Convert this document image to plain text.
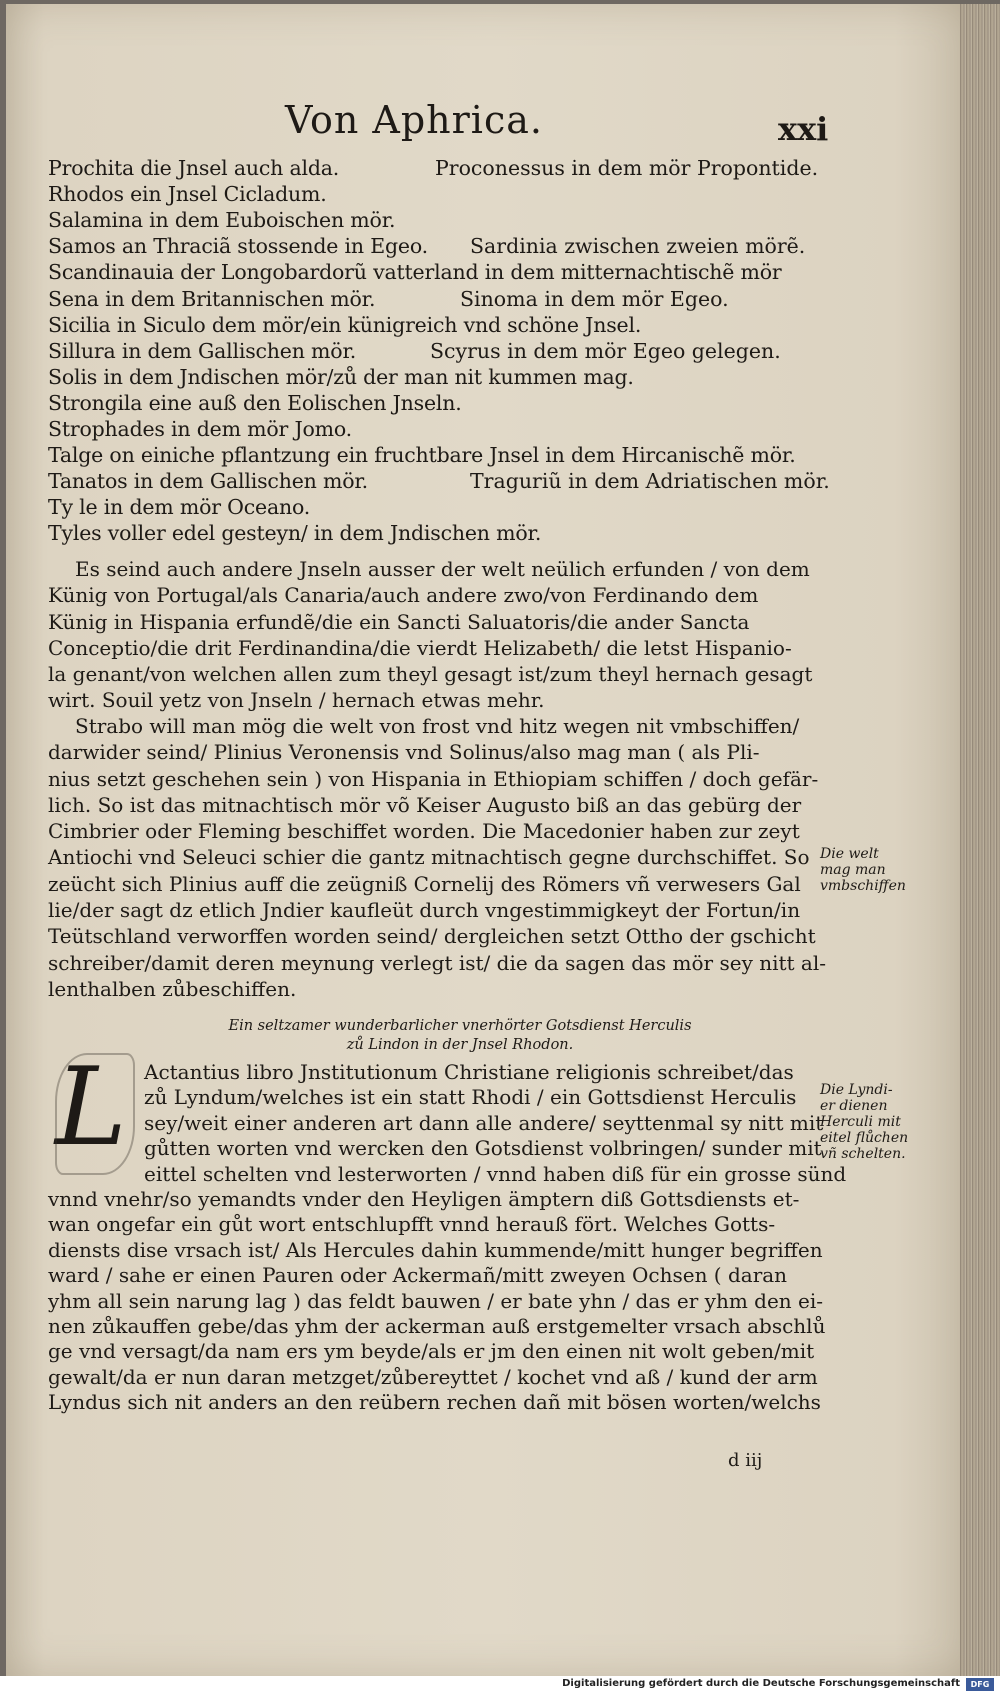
Von Aphrica.	xxi
Prochita die Jnsel auch alda.	Proconessus in dem mör Propontide.
Rhodos ein Jnsel Cicladum.
Salamina in dem Euboischen mör.
Samos an Thraciã stossende in Egeo. Sardinia zwischen zweien mörẽ.
Scandinauia der Longobardorũ vatterland in dem mitternachtischẽ mör
Sena in dem Britannischen mör.	Sinoma in dem mör Egeo.
Sicilia in Siculo dem mör/ein künigreich vnd schöne Jnsel.
Sillura in dem Gallischen mör.	Scyrus in dem mör Egeo gelegen.
Solis in dem Jndischen mör/zů der man nit kummen mag.
Strongila eine auß den Eolischen Jnseln.
Strophades in dem mör Jomo.
Talge on einiche pflantzung ein fruchtbare Jnsel in dem Hircanischẽ mör.
Tanatos in dem Gallischen mör.	Traguriũ in dem Adriatischen mör.
Ty le in dem mör Oceano.
Tyles voller edel gesteyn/ in dem Jndischen mör.
Es seind auch andere Jnseln ausser der welt neülich erfunden / von dem
Künig von Portugal/als Canaria/auch andere zwo/von Ferdinando dem
Künig in Hispania erfundẽ/die ein Sancti Saluatoris/die ander Sancta
Conceptio/die drit Ferdinandina/die vierdt Helizabeth/ die letst Hispanio-
la genant/von welchen allen zum theyl gesagt ist/zum theyl hernach gesagt
wirt. Souil yetz von Jnseln / hernach etwas mehr.
Strabo will man mög die welt von frost vnd hitz wegen nit vmbschiffen/
darwider seind/ Plinius Veronensis vnd Solinus/also mag man ( als Pli-
nius setzt geschehen sein ) von Hispania in Ethiopiam schiffen / doch gefär-
lich. So ist das mitnachtisch mör võ Keiser Augusto biß an das gebürg der
Cimbrier oder Fleming beschiffet worden. Die Macedonier haben zur zeyt
Antiochi vnd Seleuci schier die gantz mitnachtisch gegne durchschiffet. So
zeücht sich Plinius auff die zeügniß Cornelij des Römers vñ verwesers Gal
lie/der sagt dz etlich Jndier kaufleüt durch vngestimmigkeyt der Fortun/in
Teütschland verworffen worden seind/ dergleichen setzt Ottho der gschicht
schreiber/damit deren meynung verlegt ist/ die da sagen das mör sey nitt al-
lenthalben zůbeschiffen.
Die welt
mag man
vmbschiffen
Ein seltzamer wunderbarlicher vnerhörter Gotsdienst Herculis
zů Lindon in der Jnsel Rhodon.
L Actantius libro Jnstitutionum Christiane religionis schreibet/das
zů Lyndum/welches ist ein statt Rhodi / ein Gottsdienst Herculis
sey/weit einer anderen art dann alle andere/ seyttenmal sy nitt mit
gůtten worten vnd wercken den Gotsdienst volbringen/ sunder mit
eittel schelten vnd lesterworten / vnnd haben diß für ein grosse sünd
vnnd vnehr/so yemandts vnder den Heyligen ämptern diß Gottsdiensts et-
wan ongefar ein gůt wort entschlupfft vnnd herauß fört. Welches Gotts-
diensts dise vrsach ist/ Als Hercules dahin kummende/mitt hunger begriffen
ward / sahe er einen Pauren oder Ackermañ/mitt zweyen Ochsen ( daran
yhm all sein narung lag ) das feldt bauwen / er bate yhn / das er yhm den ei-
nen zůkauffen gebe/das yhm der ackerman auß erstgemelter vrsach abschlů
ge vnd versagt/da nam ers ym beyde/als er jm den einen nit wolt geben/mit
gewalt/da er nun daran metzget/zůbereyttet / kochet vnd aß / kund der arm
Lyndus sich nit anders an den reübern rechen dañ mit bösen worten/welchs
Die Lyndi-
er dienen
Herculi mit
eitel flůchen
vñ schelten.
d iij
Digitalisierung gefördert durch die Deutsche Forschungsgemeinschaft	DFG
